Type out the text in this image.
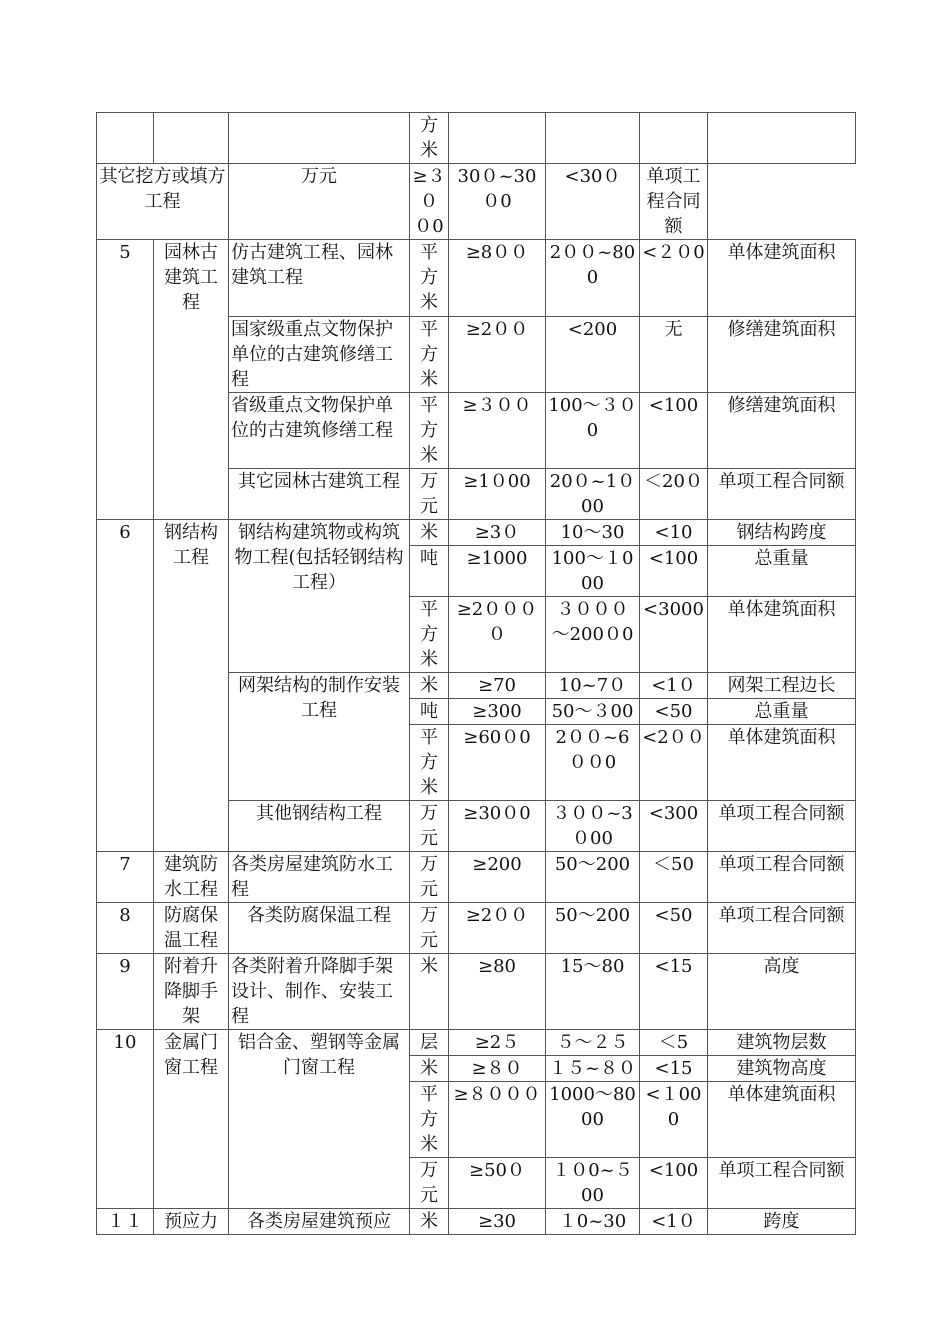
			方米				
其它挖方或填方工程		万元	≥３００0	30０~30０0	<30０	单项工程合同额	
5	园林古建筑工程	仿古建筑工程、园林建筑工程	平方米	≥8００	2００~800	<２０0	单体建筑面积
		国家级重点文物保护单位的古建筑修缮工程	平方米	≥2００	<200	无	修缮建筑面积
		省级重点文物保护单位的古建筑修缮工程	平方米	≥３００	100～３０0	<100	修缮建筑面积
		其它园林古建筑工程	万元	≥1０00	20０~1０00	＜20０	单项工程合同额
6	钢结构工程	钢结构建筑物或构筑物工程(包括轻钢结构工程）	米	≥3０	10～30	<10	钢结构跨度
			吨	≥1000	100～１000	<100	总重量
			平方米	≥2００００	３０００～200０0	<3000	单体建筑面积
		网架结构的制作安装工程	米	≥70	10~7０	<1０	网架工程边长
			吨	≥300	50～３00	<50	总重量
			平方米	≥60０0	2００~6００0	<2００	单体建筑面积
		其他钢结构工程	万元	≥30０0	３００~3０00	<300	单项工程合同额
7	建筑防水工程	各类房屋建筑防水工程	万元	≥200	50～200	＜50	单项工程合同额
8	防腐保温工程	各类防腐保温工程	万元	≥2００	50～200	<50	单项工程合同额
9	附着升降脚手架	各类附着升降脚手架设计、制作、安装工程	米	≥80	15～80	<15	高度
10	金属门窗工程	铝合金、塑钢等金属门窗工程	层	≥2５	５～２５	＜5	建筑物层数
			米	≥８０	１５~８０	<15	建筑物高度
			平方米	≥８０００	1000～8000	<１000	单体建筑面积
			万元	≥50０	１０0~５00	<100	单项工程合同额
１１	预应力	各类房屋建筑预应	米	≥30	１0~30	<1０	跨度
